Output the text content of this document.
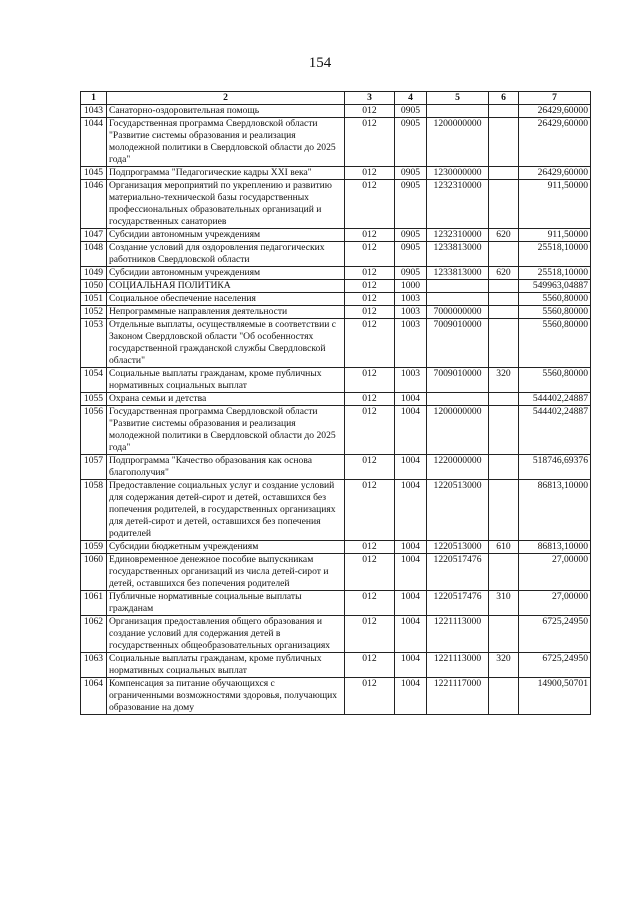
154
1	2	3	4	5	6	7
1043	Санаторно-оздоровительная помощь	012	0905			26429,60000
1044	Государственная программа Свердловской области "Развитие системы образования и реализация молодежной политики в Свердловской области до 2025 года"	012	0905	1200000000		26429,60000
1045	Подпрограмма "Педагогические кадры XXI века"	012	0905	1230000000		26429,60000
1046	Организация мероприятий по укреплению и развитию материально-технической базы государственных профессиональных образовательных организаций и государственных санаториев	012	0905	1232310000		911,50000
1047	Субсидии автономным учреждениям	012	0905	1232310000	620	911,50000
1048	Создание условий для оздоровления педагогических работников Свердловской области	012	0905	1233813000		25518,10000
1049	Субсидии автономным учреждениям	012	0905	1233813000	620	25518,10000
1050	СОЦИАЛЬНАЯ ПОЛИТИКА	012	1000			549963,04887
1051	Социальное обеспечение населения	012	1003			5560,80000
1052	Непрограммные направления деятельности	012	1003	7000000000		5560,80000
1053	Отдельные выплаты, осуществляемые в соответствии с Законом Свердловской области "Об особенностях государственной гражданской службы Свердловской области"	012	1003	7009010000		5560,80000
1054	Социальные выплаты гражданам, кроме публичных нормативных социальных выплат	012	1003	7009010000	320	5560,80000
1055	Охрана семьи и детства	012	1004			544402,24887
1056	Государственная программа Свердловской области "Развитие системы образования и реализация молодежной политики в Свердловской области до 2025 года"	012	1004	1200000000		544402,24887
1057	Подпрограмма "Качество образования как основа благополучия"	012	1004	1220000000		518746,69376
1058	Предоставление социальных услуг и создание условий для содержания детей-сирот и детей, оставшихся без попечения родителей, в государственных организациях для детей-сирот и детей, оставшихся без попечения родителей	012	1004	1220513000		86813,10000
1059	Субсидии бюджетным учреждениям	012	1004	1220513000	610	86813,10000
1060	Единовременное денежное пособие выпускникам государственных организаций из числа детей-сирот и детей, оставшихся без попечения родителей	012	1004	1220517476		27,00000
1061	Публичные нормативные социальные выплаты гражданам	012	1004	1220517476	310	27,00000
1062	Организация предоставления общего образования и создание условий для содержания детей в государственных общеобразовательных организациях	012	1004	1221113000		6725,24950
1063	Социальные выплаты гражданам, кроме публичных нормативных социальных выплат	012	1004	1221113000	320	6725,24950
1064	Компенсация за питание обучающихся с ограниченными возможностями здоровья, получающих образование на дому	012	1004	1221117000		14900,50701
